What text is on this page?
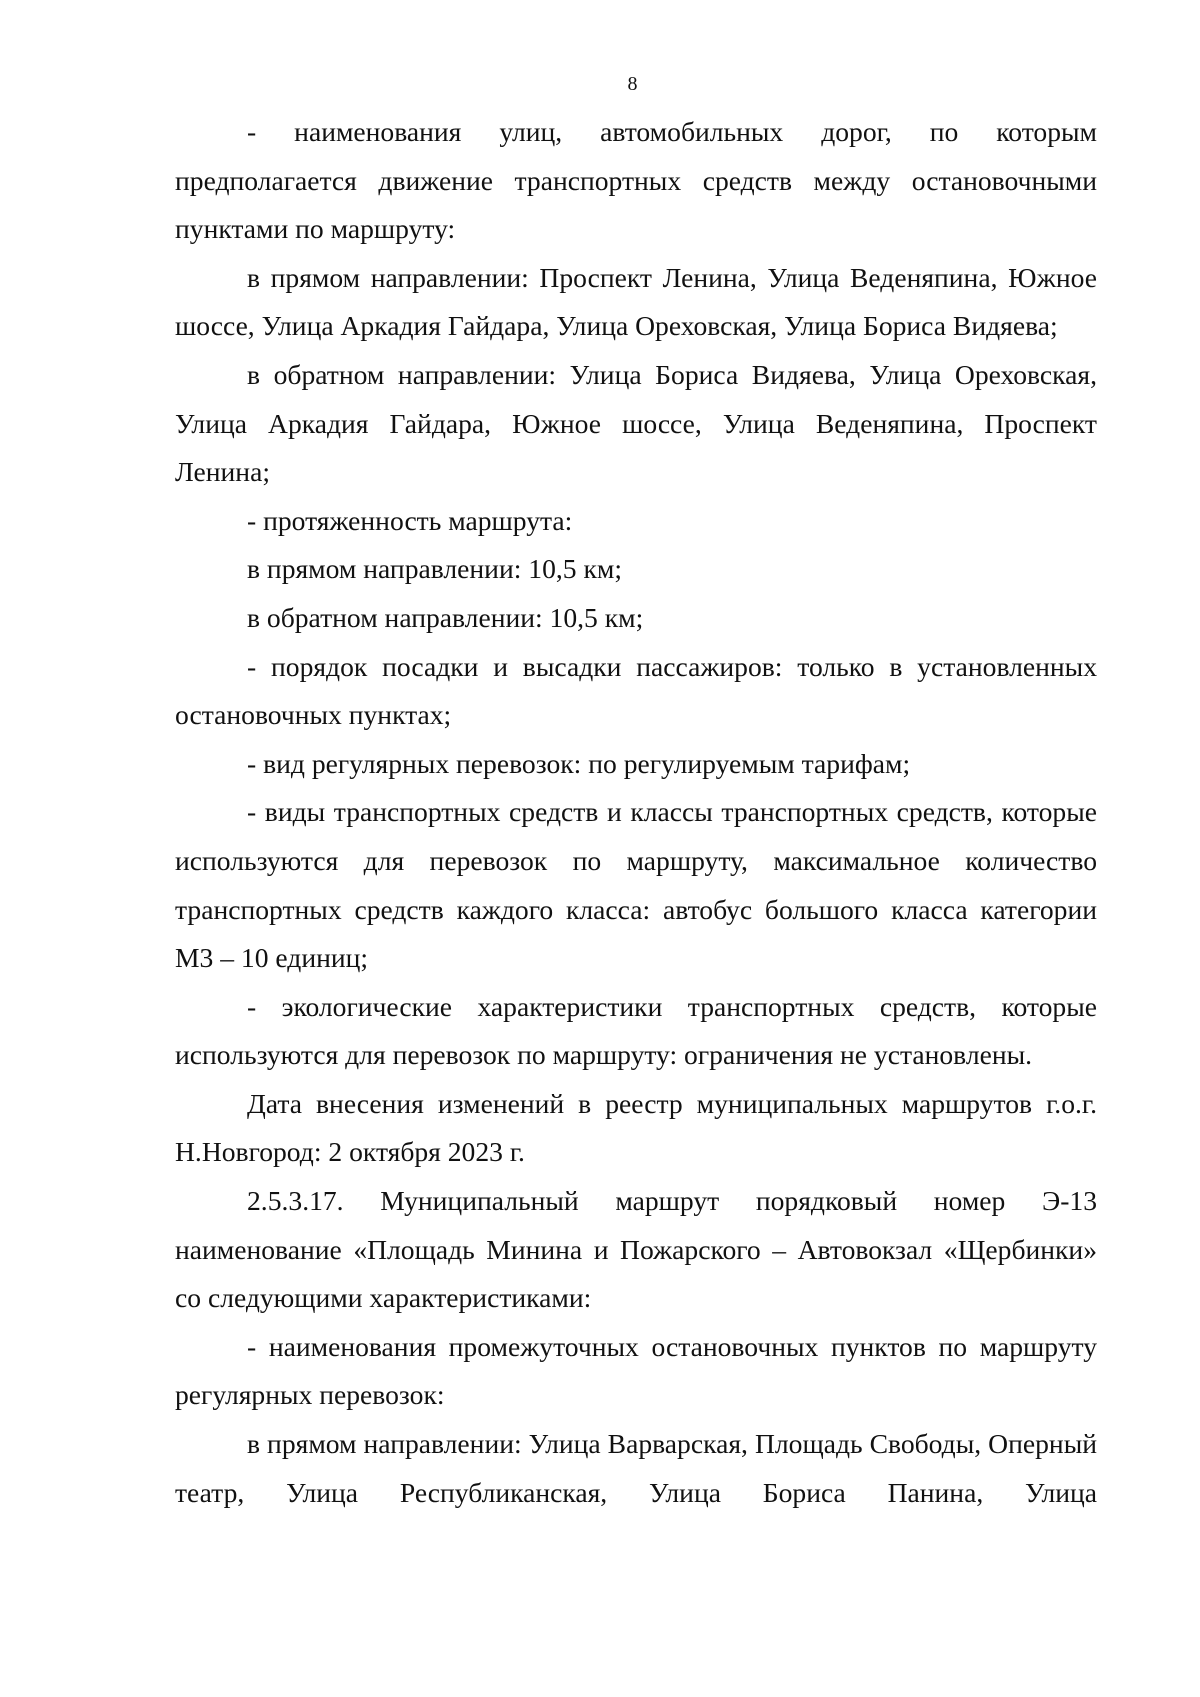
8

- наименования улиц, автомобильных дорог, по которым предполагается движение транспортных средств между остановочными пунктами по маршруту:

в прямом направлении: Проспект Ленина, Улица Веденяпина, Южное шоссе, Улица Аркадия Гайдара, Улица Ореховская, Улица Бориса Видяева;

в обратном направлении: Улица Бориса Видяева, Улица Ореховская, Улица Аркадия Гайдара, Южное шоссе, Улица Веденяпина, Проспект Ленина;

- протяженность маршрута:

в прямом направлении: 10,5 км;

в обратном направлении: 10,5 км;

- порядок посадки и высадки пассажиров: только в установленных остановочных пунктах;

- вид регулярных перевозок: по регулируемым тарифам;

- виды транспортных средств и классы транспортных средств, которые используются для перевозок по маршруту, максимальное количество транспортных средств каждого класса: автобус большого класса категории М3 – 10 единиц;

- экологические характеристики транспортных средств, которые используются для перевозок по маршруту: ограничения не установлены.

Дата внесения изменений в реестр муниципальных маршрутов г.о.г. Н.Новгород: 2 октября 2023 г.

2.5.3.17. Муниципальный маршрут порядковый номер Э-13 наименование «Площадь Минина и Пожарского – Автовокзал «Щербинки» со следующими характеристиками:

- наименования промежуточных остановочных пунктов по маршруту регулярных перевозок:

в прямом направлении: Улица Варварская, Площадь Свободы, Оперный театр, Улица Республиканская, Улица Бориса Панина, Улица
